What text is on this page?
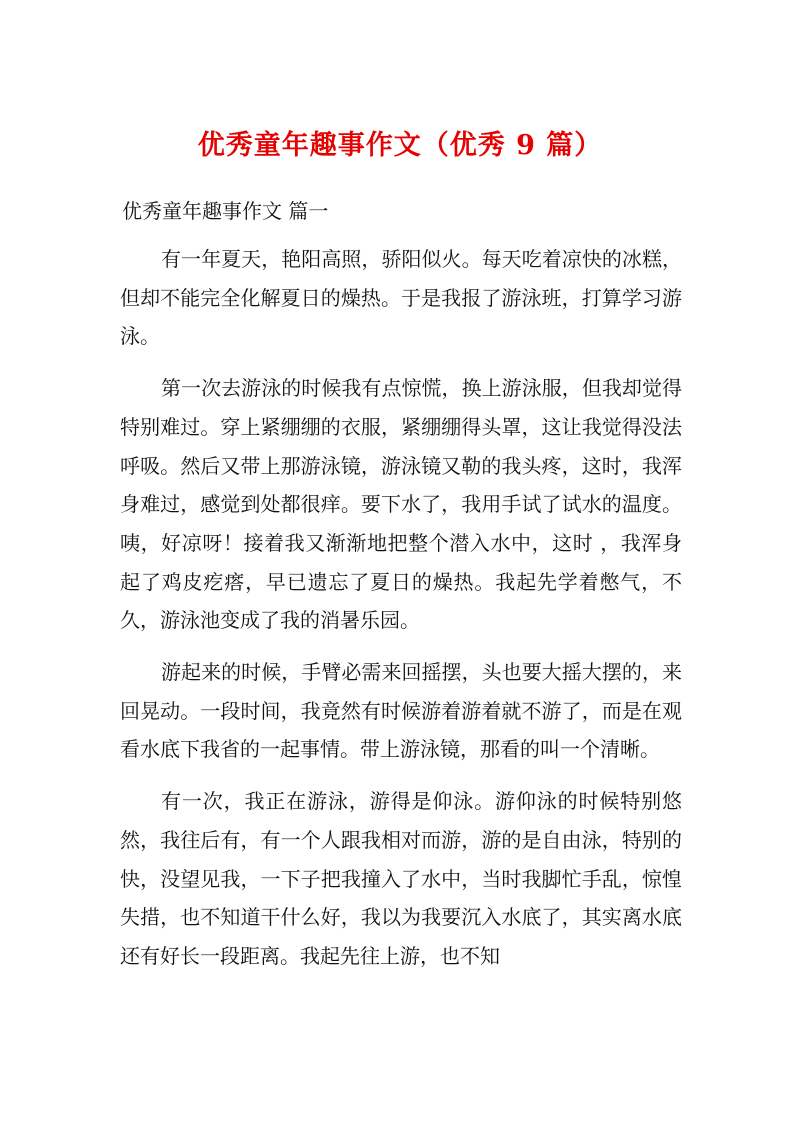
优秀童年趣事作文（优秀 9 篇）
优秀童年趣事作文 篇一

有一年夏天，艳阳高照，骄阳似火。每天吃着凉快的冰糕，但却不能完全化解夏日的燥热。于是我报了游泳班，打算学习游泳。

第一次去游泳的时候我有点惊慌，换上游泳服，但我却觉得特别难过。穿上紧绷绷的衣服，紧绷绷得头罩，这让我觉得没法呼吸。然后又带上那游泳镜，游泳镜又勒的我头疼，这时，我浑身难过，感觉到处都很痒。要下水了，我用手试了试水的温度。咦，好凉呀！接着我又渐渐地把整个潜入水中，这时 ，我浑身起了鸡皮疙瘩，早已遗忘了夏日的燥热。我起先学着憋气，不久，游泳池变成了我的消暑乐园。

游起来的时候，手臂必需来回摇摆，头也要大摇大摆的，来回晃动。一段时间，我竟然有时候游着游着就不游了，而是在观看水底下我省的一起事情。带上游泳镜，那看的叫一个清晰。

有一次，我正在游泳，游得是仰泳。游仰泳的时候特别悠然，我往后有，有一个人跟我相对而游，游的是自由泳，特别的快，没望见我，一下子把我撞入了水中，当时我脚忙手乱，惊惶失措，也不知道干什么好，我以为我要沉入水底了，其实离水底还有好长一段距离。我起先往上游，也不知
